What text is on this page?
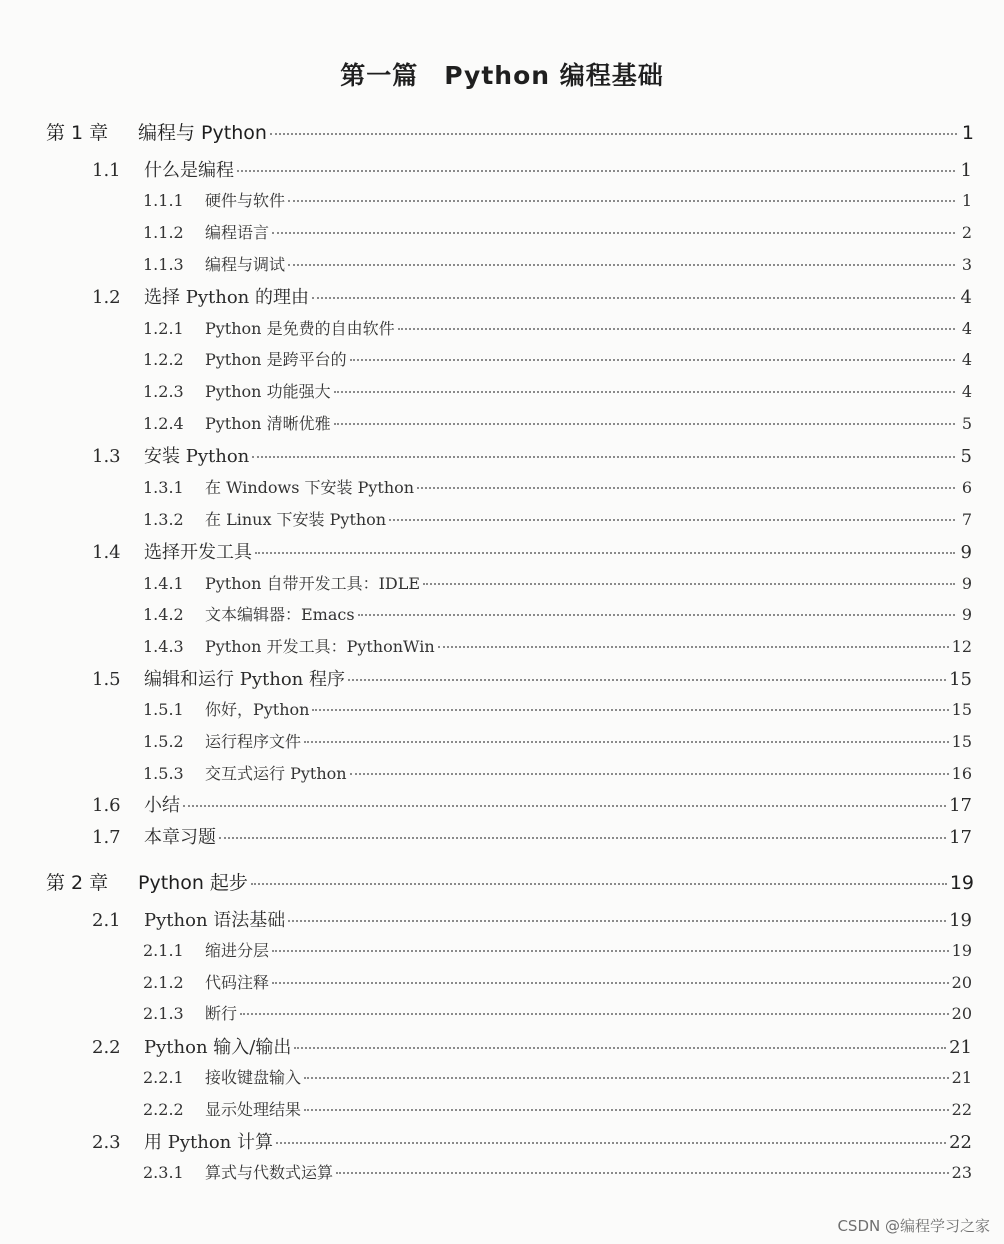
第一篇　Python 编程基础
第 1 章	编程与 Python	1
1.1	什么是编程	1
1.1.1	硬件与软件	1
1.1.2	编程语言	2
1.1.3	编程与调试	3
1.2	选择 Python 的理由	4
1.2.1	Python 是免费的自由软件	4
1.2.2	Python 是跨平台的	4
1.2.3	Python 功能强大	4
1.2.4	Python 清晰优雅	5
1.3	安装 Python	5
1.3.1	在 Windows 下安装 Python	6
1.3.2	在 Linux 下安装 Python	7
1.4	选择开发工具	9
1.4.1	Python 自带开发工具：IDLE	9
1.4.2	文本编辑器：Emacs	9
1.4.3	Python 开发工具：PythonWin	12
1.5	编辑和运行 Python 程序	15
1.5.1	你好，Python	15
1.5.2	运行程序文件	15
1.5.3	交互式运行 Python	16
1.6	小结	17
1.7	本章习题	17
第 2 章	Python 起步	19
2.1	Python 语法基础	19
2.1.1	缩进分层	19
2.1.2	代码注释	20
2.1.3	断行	20
2.2	Python 输入/输出	21
2.2.1	接收键盘输入	21
2.2.2	显示处理结果	22
2.3	用 Python 计算	22
2.3.1	算式与代数式运算	23
CSDN @编程学习之家
